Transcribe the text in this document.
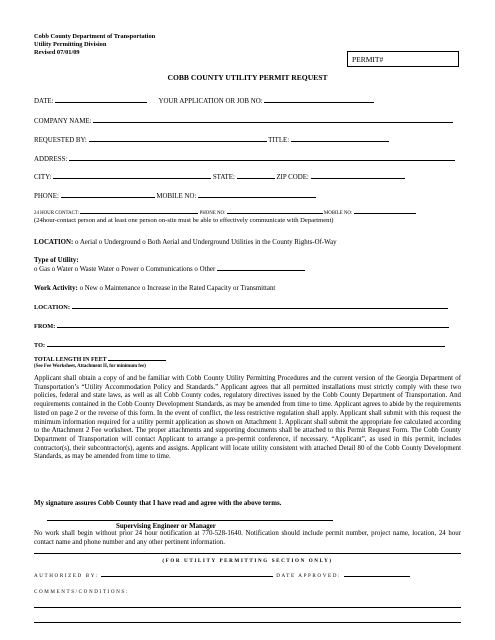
Cobb County Department of Transportation
Utility Permitting Division
Revised 07/01/09
PERMIT#
COBB COUNTY UTILITY PERMIT REQUEST
DATE:	YOUR APPLICATION OR JOB NO:
COMPANY NAME:
REQUESTED BY:	TITLE:
ADDRESS:
CITY:	STATE:	ZIP CODE:
PHONE:	MOBILE NO:
24 HOUR CONTACT:	PHONE NO:	MOBILE NO:
(24hour-contact person and at least one person on-site must be able to effectively communicate with Department)
LOCATION: o Aerial o Underground o Both Aerial and Underground Utilities in the County Rights-Of-Way
Type of Utility:
o Gas o Water o Waste Water o Power o Communications o Other
Work Activity: o New o Maintenance o Increase in the Rated Capacity or Transmittant
LOCATION:
FROM:
TO:
TOTAL LENGTH IN FEET
(See Fee Worksheet, Attachment II, for minimum fee)
Applicant shall obtain a copy of and be familiar with Cobb County Utility Permitting Procedures and the current version of the Georgia Department of Transportation’s “Utility Accommodation Policy and Standards.” Applicant agrees that all permitted installations must strictly comply with these two policies, federal and state laws, as well as all Cobb County codes, regulatory directives issued by the Cobb County Department of Transportation. And requirements contained in the Cobb County Development Standards, as may be amended from time to time. Applicant agrees to abide by the requirements listed on page 2 or the reverse of this form. In the event of conflict, the less restrictive regulation shall apply. Applicant shall submit with this request the minimum information required for a utility permit application as shown on Attachment 1. Applicant shall submit the appropriate fee calculated according to the Attachment 2 Fee worksheet. The proper attachments and supporting documents shall be attached to this Permit Request Form. The Cobb County Department of Transportation will contact Applicant to arrange a pre-permit conference, if necessary. “Applicant”, as used in this permit, includes contractor(s), their subcontractor(s), agents and assigns. Applicant will locate utility consistent with attached Detail 80 of the Cobb County Development Standards, as may be amended from time to time.
My signature assures Cobb County that I have read and agree with the above terms.
Supervising Engineer or Manager
No work shall begin without prior 24 hour notification at 770-528-1640. Notification should include permit number, project name, location, 24 hour contact name and phone number and any other pertinent information.
(FOR UTILITY PERMITTING SECTION ONLY)
AUTHORIZED BY:	DATE APPROVED:
COMMENTS/CONDITIONS:
